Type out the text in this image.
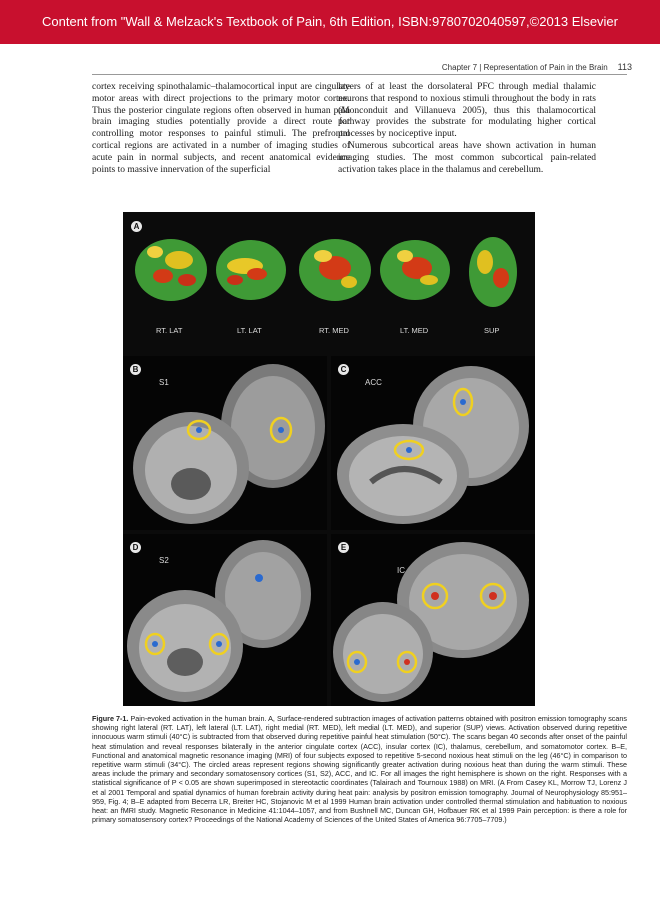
Content from "Wall & Melzack's Textbook of Pain, 6th Edition, ISBN:9780702040597,©2013 Elsevier
Chapter 7 | Representation of Pain in the Brain 113

cortex receiving spinothalamic–thalamocortical input are cingulate motor areas with direct projections to the primary motor cortex. Thus the posterior cingulate regions often observed in human pain brain imaging studies potentially provide a direct route for controlling motor responses to painful stimuli. The prefrontal cortical regions are activated in a number of imaging studies of acute pain in normal subjects, and recent anatomical evidence points to massive innervation of the superficial

layers of at least the dorsolateral PFC through medial thalamic neurons that respond to noxious stimuli throughout the body in rats (Monconduit and Villanueva 2005), thus this thalamocortical pathway provides the substrate for modulating higher cortical processes by nociceptive input.

Numerous subcortical areas have shown activation in human imaging studies. The most common subcortical pain-related activation takes place in the thalamus and cerebellum.

A
RT. LAT	LT. LAT	RT. MED	LT. MED	SUP
B
S1
C
ACC
D
S2
E
IC
Figure 7-1. Pain-evoked activation in the human brain. A, Surface-rendered subtraction images of activation patterns obtained with positron emission tomography scans showing right lateral (RT. LAT), left lateral (LT. LAT), right medial (RT. MED), left medial (LT. MED), and superior (SUP) views. Activation observed during repetitive innocuous warm stimuli (40°C) is subtracted from that observed during repetitive painful heat stimulation (50°C). The scans began 40 seconds after onset of the painful heat stimulation and reveal responses bilaterally in the anterior cingulate cortex (ACC), insular cortex (IC), thalamus, cerebellum, and somatomotor cortex. B–E, Functional and anatomical magnetic resonance imaging (MRI) of four subjects exposed to repetitive 5-second noxious heat stimuli on the leg (46°C) in comparison to repetitive warm stimuli (34°C). The circled areas represent regions showing significantly greater activation during noxious heat than during the warm stimuli. These areas include the primary and secondary somatosensory cortices (S1, S2), ACC, and IC. For all images the right hemisphere is shown on the right. Responses with a statistical significance of P < 0.05 are shown superimposed in stereotactic coordinates (Talairach and Tournoux 1988) on MRI. (A From Casey KL, Morrow TJ, Lorenz J et al 2001 Temporal and spatial dynamics of human forebrain activity during heat pain: analysis by positron emission tomography. Journal of Neurophysiology 85:951–959, Fig. 4; B–E adapted from Becerra LR, Breiter HC, Stojanovic M et al 1999 Human brain activation under controlled thermal stimulation and habituation to noxious heat: an fMRI study. Magnetic Resonance in Medicine 41:1044–1057, and from Bushnell MC, Duncan GH, Hofbauer RK et al 1999 Pain perception: is there a role for primary somatosensory cortex? Proceedings of the National Academy of Sciences of the United States of America 96:7705–7709.)
